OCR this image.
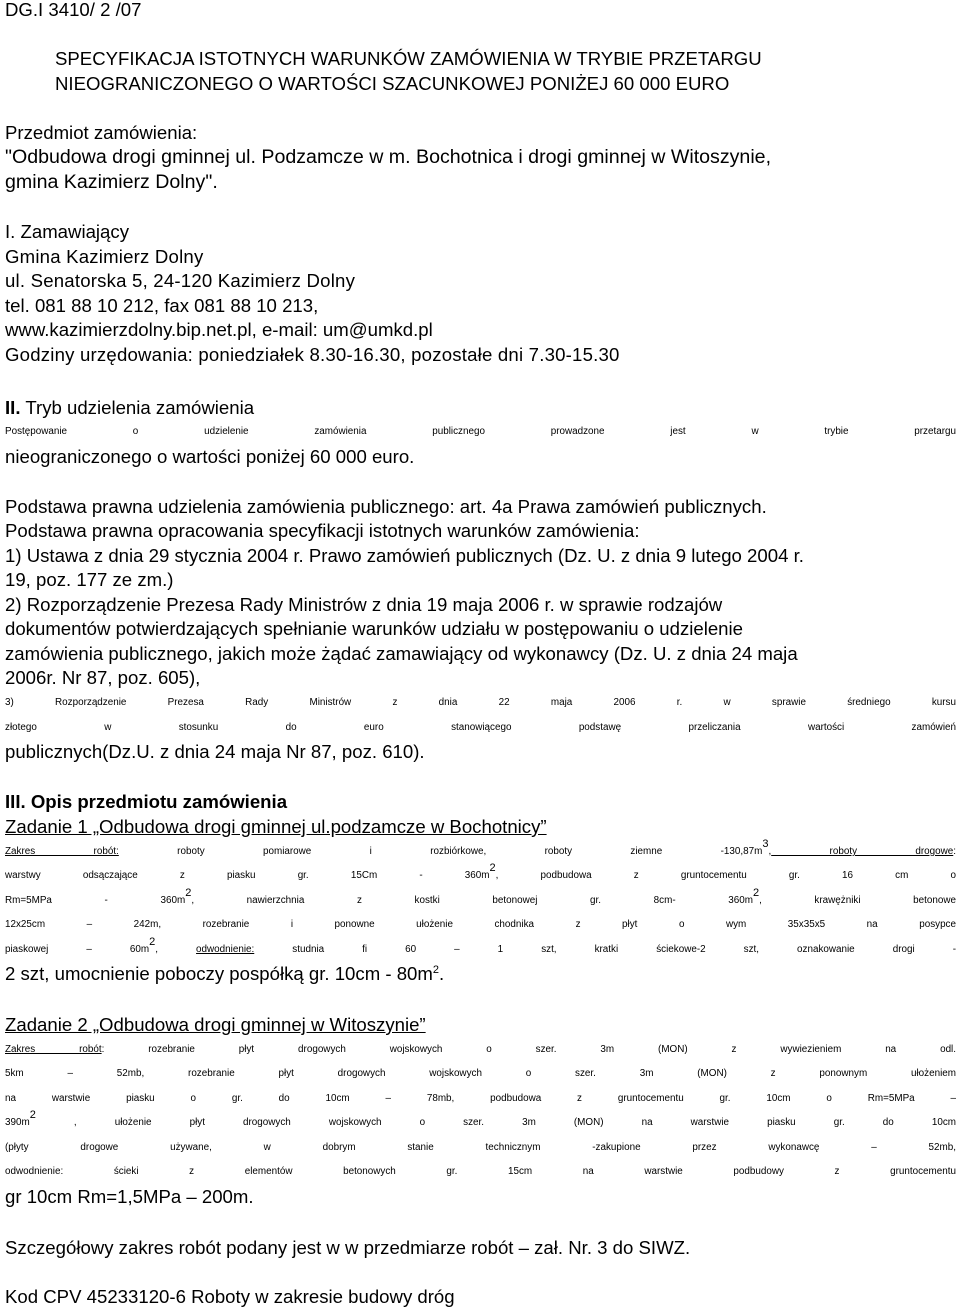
DG.I 3410/ 2 /07
SPECYFIKACJA ISTOTNYCH WARUNKÓW ZAMÓWIENIA W TRYBIE PRZETARGU
NIEOGRANICZONEGO O WARTOŚCI SZACUNKOWEJ PONIŻEJ 60 000 EURO
Przedmiot zamówienia:
"Odbudowa drogi gminnej ul. Podzamcze w m. Bochotnica i drogi gminnej w Witoszynie,
gmina Kazimierz Dolny".
I. Zamawiający
Gmina Kazimierz Dolny
ul. Senatorska 5, 24-120 Kazimierz Dolny
tel. 081 88 10 212, fax 081 88 10 213,
www.kazimierzdolny.bip.net.pl, e-mail: um@umkd.pl
Godziny urzędowania: poniedziałek 8.30-16.30, pozostałe dni 7.30-15.30
II. Tryb udzielenia zamówienia
Postępowanie o udzielenie zamówienia publicznego prowadzone jest w trybie przetargu
nieograniczonego o wartości poniżej 60 000 euro.
Podstawa prawna udzielenia zamówienia publicznego: art. 4a Prawa zamówień publicznych.
Podstawa prawna opracowania specyfikacji istotnych warunków zamówienia:
1) Ustawa z dnia 29 stycznia 2004 r. Prawo zamówień publicznych (Dz. U. z dnia 9 lutego 2004 r.
19, poz. 177 ze zm.)
2) Rozporządzenie Prezesa Rady Ministrów z dnia 19 maja 2006 r. w sprawie rodzajów
dokumentów potwierdzających spełnianie warunków udziału w postępowaniu o udzielenie
zamówienia publicznego, jakich może żądać zamawiający od wykonawcy (Dz. U. z dnia 24 maja
2006r. Nr 87, poz. 605),
3) Rozporządzenie Prezesa Rady Ministrów z dnia 22 maja 2006 r. w sprawie średniego kursu
złotego w stosunku do euro stanowiącego podstawę przeliczania wartości zamówień
publicznych(Dz.U. z dnia 24 maja Nr 87, poz. 610).
III. Opis przedmiotu zamówienia
Zadanie 1 „Odbudowa drogi gminnej ul.podzamcze w Bochotnicy”
Zakres robót: roboty pomiarowe i rozbiórkowe, roboty ziemne $-130,87m^3$, roboty drogowe:
warstwy odsączające z piasku gr. $15Cm - 360m^2$, podbudowa z gruntocementu gr. 16 cm o
$Rm=5MPa - 360m^2$, nawierzchnia z kostki betonowej gr. 8cm- $360m^2$, krawężniki betonowe
12x25cm – 242m, rozebranie i ponowne ułożenie chodnika z płyt o wym 35x35x5 na posypce
piaskowej – $60m^2$, odwodnienie: studnia fi 60 – 1 szt, kratki ściekowe-2 szt, oznakowanie drogi -
2 szt, umocnienie poboczy pospółką gr. $10cm - 80m^2$.
Zadanie 2 „Odbudowa drogi gminnej w Witoszynie”
Zakres robót: rozebranie płyt drogowych wojskowych o szer. 3m (MON) z wywiezieniem na odl.
5km – 52mb, rozebranie płyt drogowych wojskowych o szer. 3m (MON) z ponownym ułożeniem
na warstwie piasku o gr. do 10cm – 78mb, podbudowa z gruntocementu gr. 10cm o Rm=5MPa –
$390m^2$ , ułożenie płyt drogowych wojskowych o szer. 3m (MON) na warstwie piasku gr. do 10cm
(płyty drogowe używane, w dobrym stanie technicznym -zakupione przez wykonawcę – 52mb,
odwodnienie: ścieki z elementów betonowych gr. 15cm na warstwie podbudowy z gruntocementu
gr 10cm Rm=1,5MPa – 200m.
Szczegółowy zakres robót podany jest w w przedmiarze robót – zał. Nr. 3 do SIWZ.
Kod CPV 45233120-6 Roboty w zakresie budowy dróg
